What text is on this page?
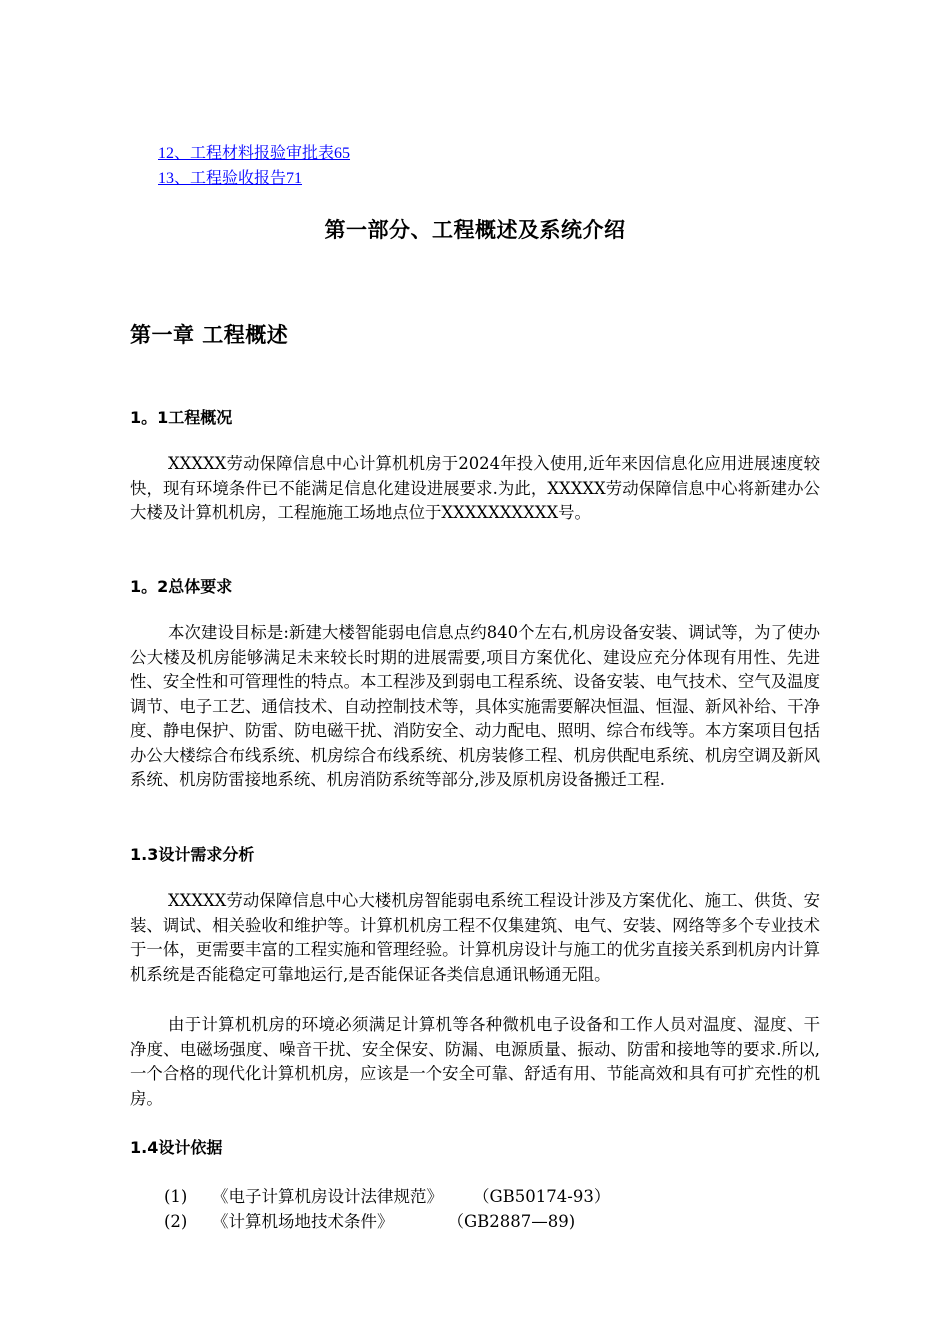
12、工程材料报验审批表65
13、工程验收报告71
第一部分、工程概述及系统介绍
第一章 工程概述
1。1工程概况

XXXXX劳动保障信息中心计算机机房于2024年投入使用,近年来因信息化应用进展速度较快，现有环境条件已不能满足信息化建设进展要求.为此，XXXXX劳动保障信息中心将新建办公大楼及计算机机房，工程施施工场地点位于XXXXXXXXXX号。

1。2总体要求

本次建设目标是:新建大楼智能弱电信息点约840个左右,机房设备安装、调试等，为了使办公大楼及机房能够满足未来较长时期的进展需要,项目方案优化、建设应充分体现有用性、先进性、安全性和可管理性的特点。本工程涉及到弱电工程系统、设备安装、电气技术、空气及温度调节、电子工艺、通信技术、自动控制技术等，具体实施需要解决恒温、恒湿、新风补给、干净度、静电保护、防雷、防电磁干扰、消防安全、动力配电、照明、综合布线等。本方案项目包括办公大楼综合布线系统、机房综合布线系统、机房装修工程、机房供配电系统、机房空调及新风系统、机房防雷接地系统、机房消防系统等部分,涉及原机房设备搬迁工程.

1.3设计需求分析

XXXXX劳动保障信息中心大楼机房智能弱电系统工程设计涉及方案优化、施工、供货、安装、调试、相关验收和维护等。计算机机房工程不仅集建筑、电气、安装、网络等多个专业技术于一体，更需要丰富的工程实施和管理经验。计算机房设计与施工的优劣直接关系到机房内计算机系统是否能稳定可靠地运行,是否能保证各类信息通讯畅通无阻。

由于计算机机房的环境必须满足计算机等各种微机电子设备和工作人员对温度、湿度、干净度、电磁场强度、噪音干扰、安全保安、防漏、电源质量、振动、防雷和接地等的要求.所以,一个合格的现代化计算机机房，应该是一个安全可靠、舒适有用、节能高效和具有可扩充性的机房。

1.4设计依据
(1) 《电子计算机房设计法律规范》 （GB50174-93）
(2) 《计算机场地技术条件》	（GB2887—89)
